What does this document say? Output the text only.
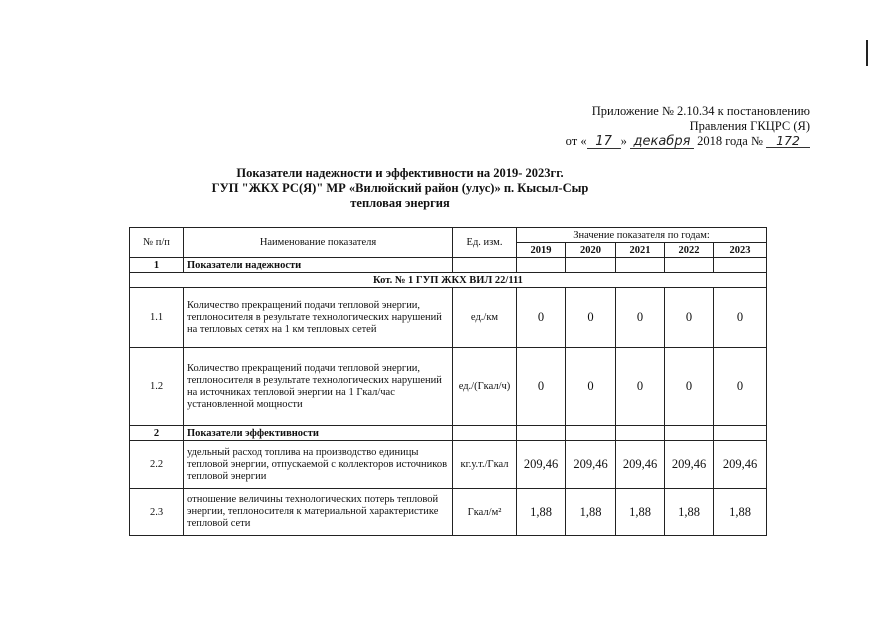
Приложение № 2.10.34 к постановлению
Правления ГКЦРС (Я)
от « 17 » декабря 2018 года № 172
Показатели надежности и эффективности на 2019- 2023гг.
ГУП "ЖКХ РС(Я)" МР «Вилюйский район (улус)» п. Кысыл-Сыр
тепловая энергия
№ п/п	Наименование показателя	Ед. изм.	Значение показателя по годам:				
			2019	2020	2021	2022	2023
1	Показатели надежности						
Кот. № 1 ГУП ЖКХ ВИЛ 22/111							
1.1	Количество прекращений подачи тепловой энергии, теплоносителя в результате технологических нарушений на тепловых сетях на 1 км тепловых сетей	ед./км	0	0	0	0	0
1.2	Количество прекращений подачи тепловой энергии, теплоносителя в результате технологических нарушений на источниках тепловой энергии на 1 Гкал/час установленной мощности	ед./(Гкал/ч)	0	0	0	0	0
2	Показатели эффективности						
2.2	удельный расход топлива на производство единицы тепловой энергии, отпускаемой с коллекторов источников тепловой энергии	кг.у.т./Гкал	209,46	209,46	209,46	209,46	209,46
2.3	отношение величины технологических потерь тепловой энергии, теплоносителя к материальной характеристике тепловой сети	Гкал/м²	1,88	1,88	1,88	1,88	1,88
